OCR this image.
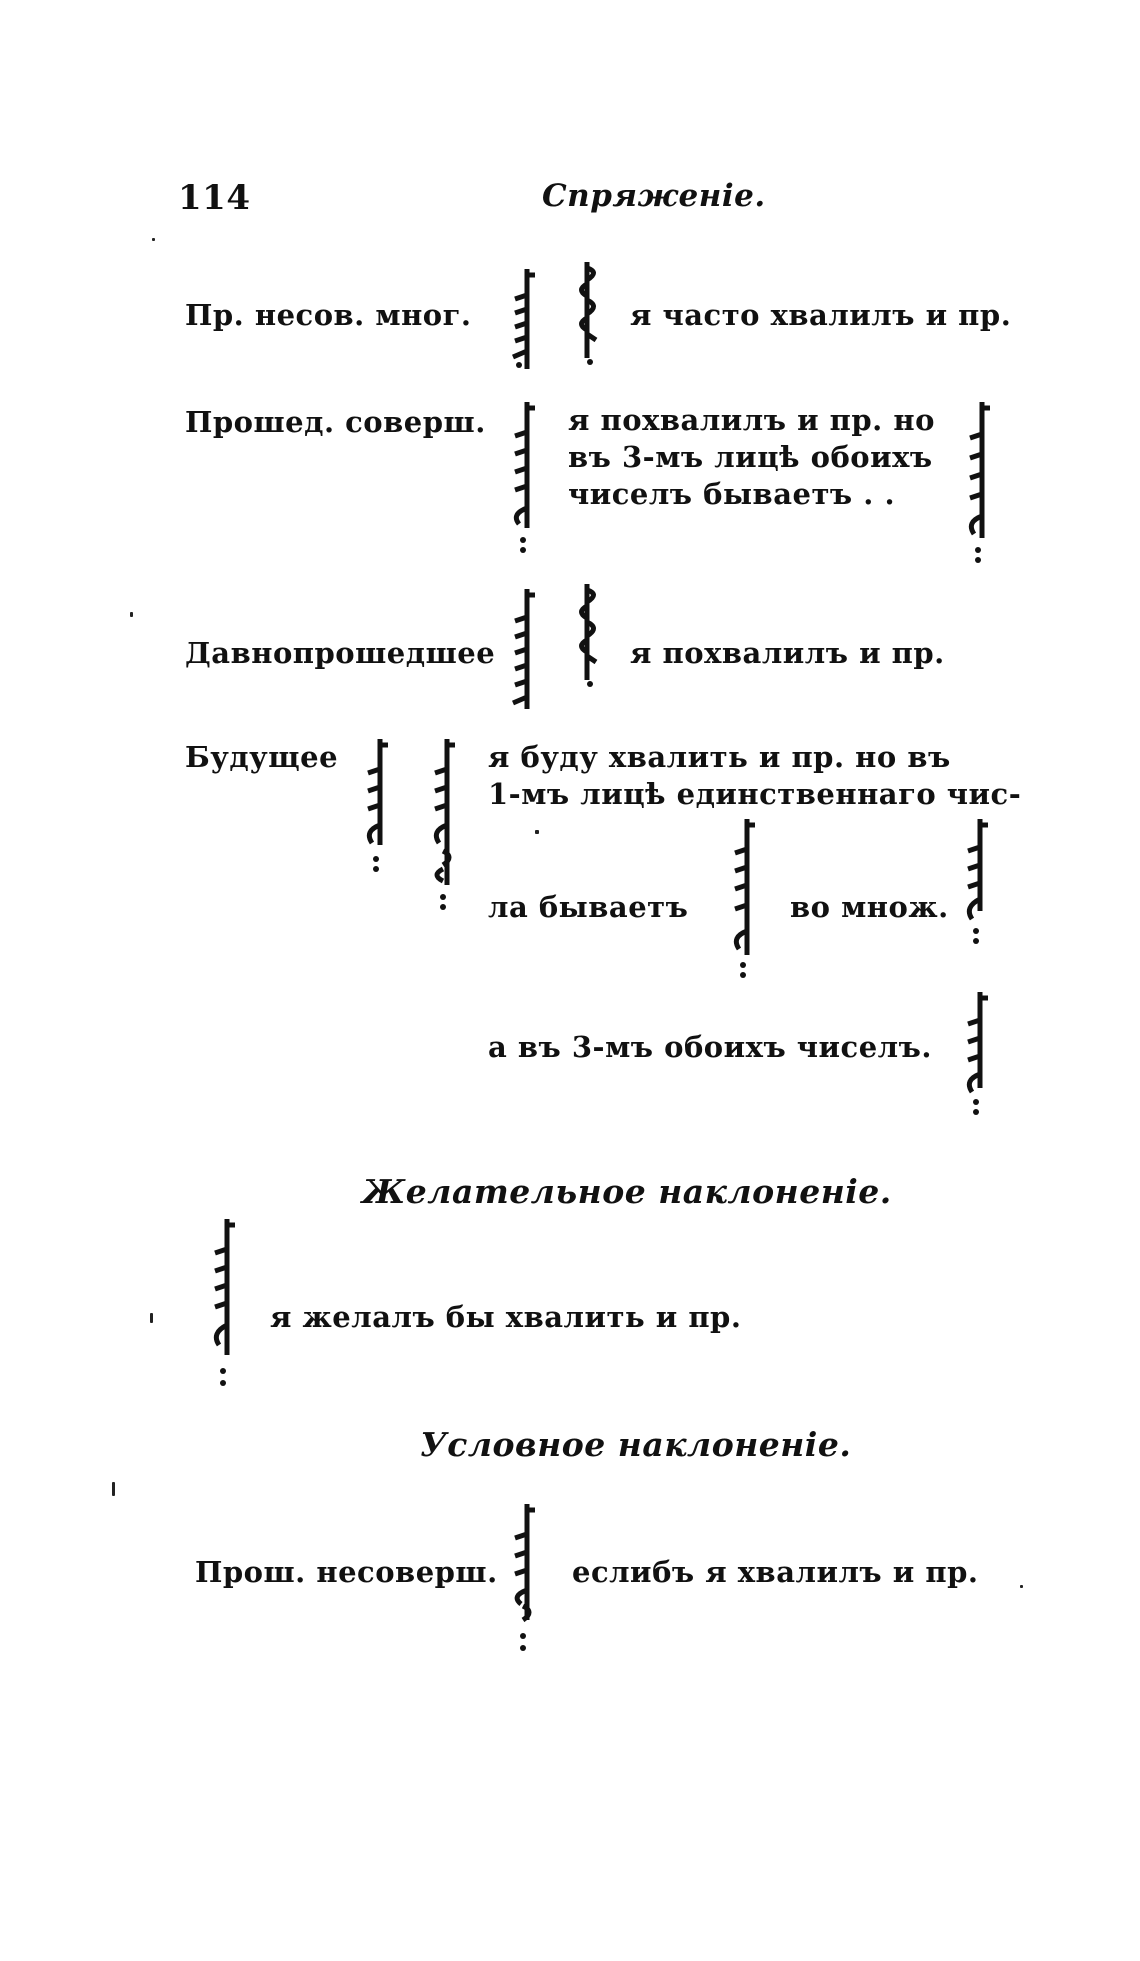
114	Спряженіе.
Пр. несов. мног.	я часто хвалилъ и пр.
Прошед. соверш.	я похвалилъ и пр. но
въ 3-мъ лицѣ обоихъ
чиселъ бываетъ . .
Давнопрошедшее	я похвалилъ и пр.
Будущее	я буду хвалить и пр. но въ
1-мъ лицѣ единственнаго чис-
ла бываетъ	во множ.
а въ 3-мъ обоихъ чиселъ.
Желательное наклоненіе.
я желалъ бы хвалить и пр.
Условное наклоненіе.
Прош. несоверш.	еслибъ я хвалилъ и пр.
